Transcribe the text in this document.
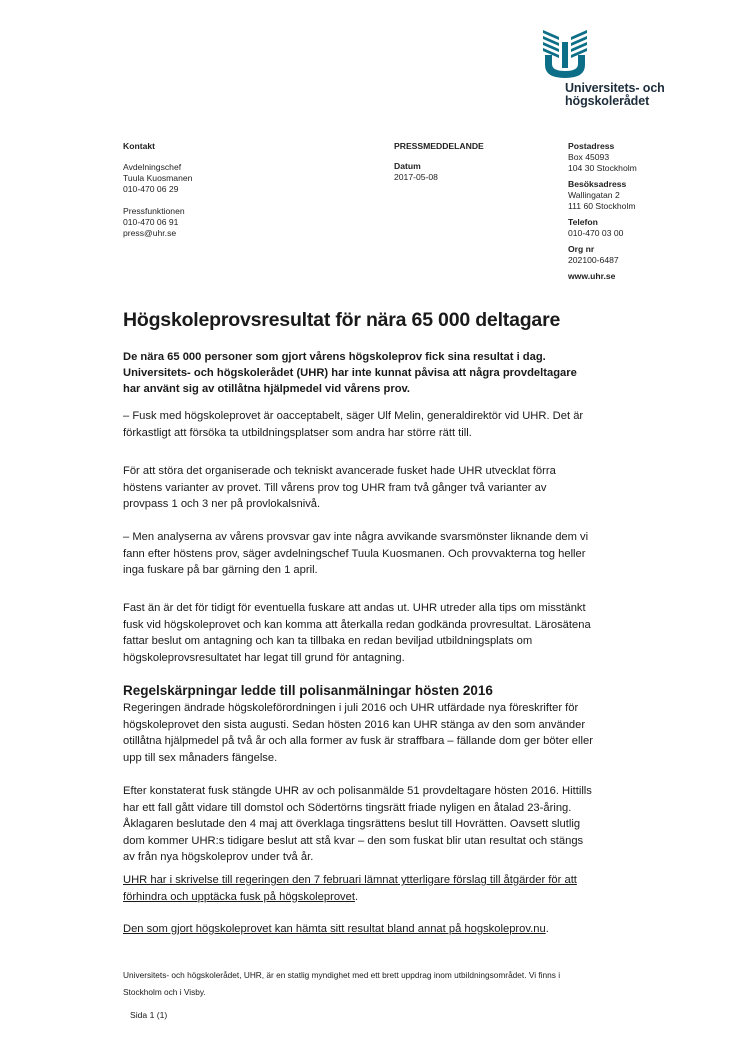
Universitets- och
högskolerådet
Kontakt
Avdelningschef
Tuula Kuosmanen
010-470 06 29
Pressfunktionen
010-470 06 91
press@uhr.se
PRESSMEDDELANDE
Datum
2017-05-08
Postadress
Box 45093
104 30 Stockholm
Besöksadress
Wallingatan 2
111 60 Stockholm
Telefon
010-470 03 00
Org nr
202100-6487
www.uhr.se
Högskoleprovsresultat för nära 65 000 deltagare
De nära 65 000 personer som gjort vårens högskoleprov fick sina resultat i dag. Universitets- och högskolerådet (UHR) har inte kunnat påvisa att några provdeltagare har använt sig av otillåtna hjälpmedel vid vårens prov.
– Fusk med högskoleprovet är oacceptabelt, säger Ulf Melin, generaldirektör vid UHR. Det är förkastligt att försöka ta utbildningsplatser som andra har större rätt till.
För att störa det organiserade och tekniskt avancerade fusket hade UHR utvecklat förra höstens varianter av provet. Till vårens prov tog UHR fram två gånger två varianter av provpass 1 och 3 ner på provlokalsnivå.
– Men analyserna av vårens provsvar gav inte några avvikande svarsmönster liknande dem vi fann efter höstens prov, säger avdelningschef Tuula Kuosmanen. Och provvakterna tog heller inga fuskare på bar gärning den 1 april.
Fast än är det för tidigt för eventuella fuskare att andas ut. UHR utreder alla tips om misstänkt fusk vid högskoleprovet och kan komma att återkalla redan godkända provresultat. Lärosätena fattar beslut om antagning och kan ta tillbaka en redan beviljad utbildningsplats om högskoleprovsresultatet har legat till grund för antagning.
Regelskärpningar ledde till polisanmälningar hösten 2016
Regeringen ändrade högskoleförordningen i juli 2016 och UHR utfärdade nya föreskrifter för högskoleprovet den sista augusti. Sedan hösten 2016 kan UHR stänga av den som använder otillåtna hjälpmedel på två år och alla former av fusk är straffbara – fällande dom ger böter eller upp till sex månaders fängelse.
Efter konstaterat fusk stängde UHR av och polisanmälde 51 provdeltagare hösten 2016. Hittills har ett fall gått vidare till domstol och Södertörns tingsrätt friade nyligen en åtalad 23-åring. Åklagaren beslutade den 4 maj att överklaga tingsrättens beslut till Hovrätten. Oavsett slutlig dom kommer UHR:s tidigare beslut att stå kvar – den som fuskat blir utan resultat och stängs av från nya högskoleprov under två år.
UHR har i skrivelse till regeringen den 7 februari lämnat ytterligare förslag till åtgärder för att förhindra och upptäcka fusk på högskoleprovet.
Den som gjort högskoleprovet kan hämta sitt resultat bland annat på hogskoleprov.nu.
Universitets- och högskolerådet, UHR, är en statlig myndighet med ett brett uppdrag inom utbildningsområdet. Vi finns i Stockholm och i Visby.
Sida 1 (1)
